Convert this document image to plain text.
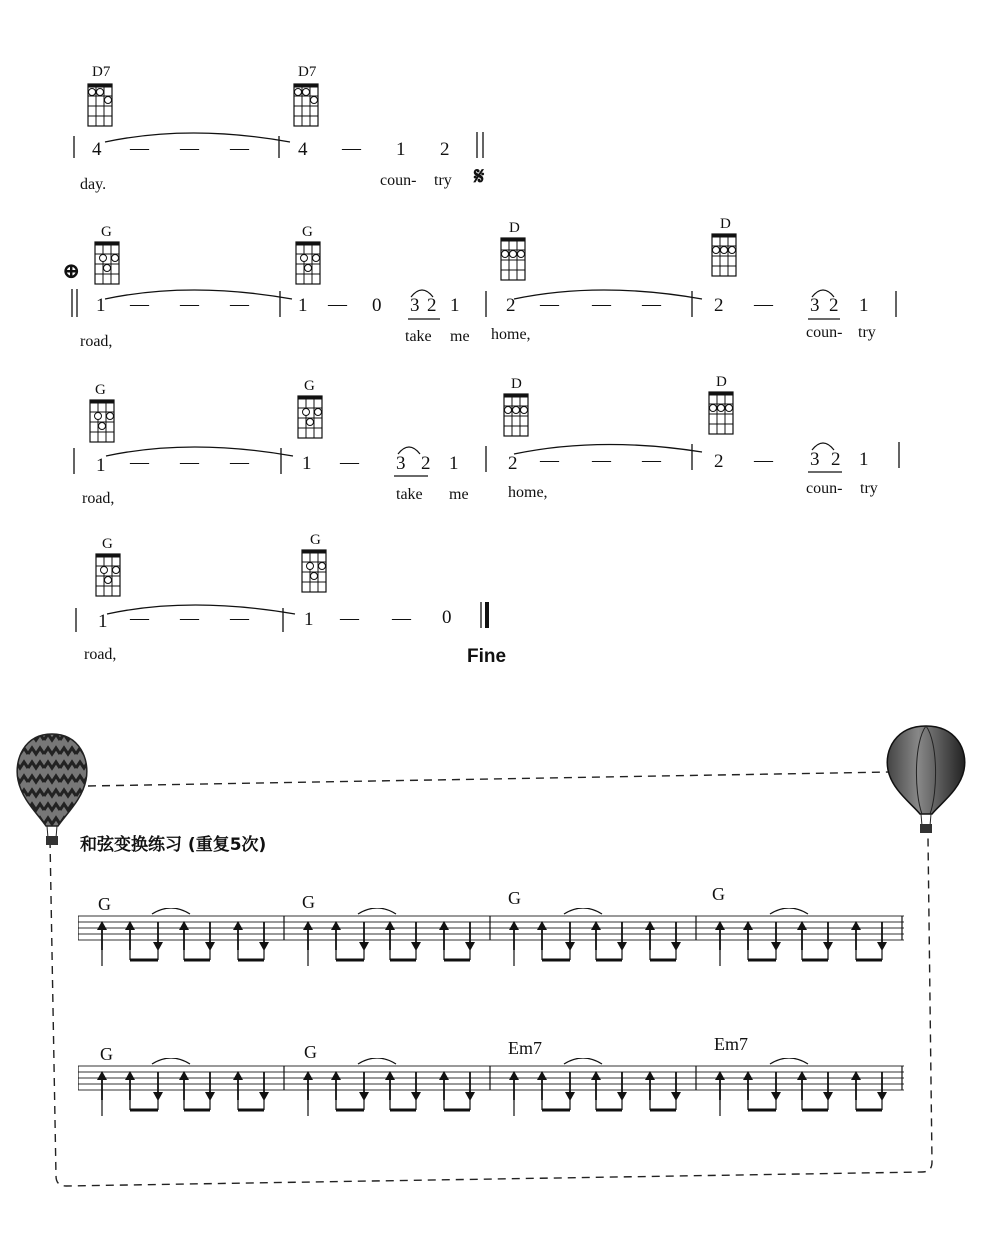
D7	D7
4 — — —	4 — 1 2
day.	coun- try 𝄋
⊕
G	G	D	D
1 — — —	1 — 0 3 2 1 2 — — —	2 — 3 2 1
road,	take me home,	coun- try
G	G	D	D
1 — — —	1 — 3 2 1	2 — — —	2 — 3 2 1
road,	take me home,	coun- try
G	G
1 — — —	1 — — 0
road,	Fine
和弦变换练习 (重复5次)
G	G	G	G
G	G	Em7	Em7
